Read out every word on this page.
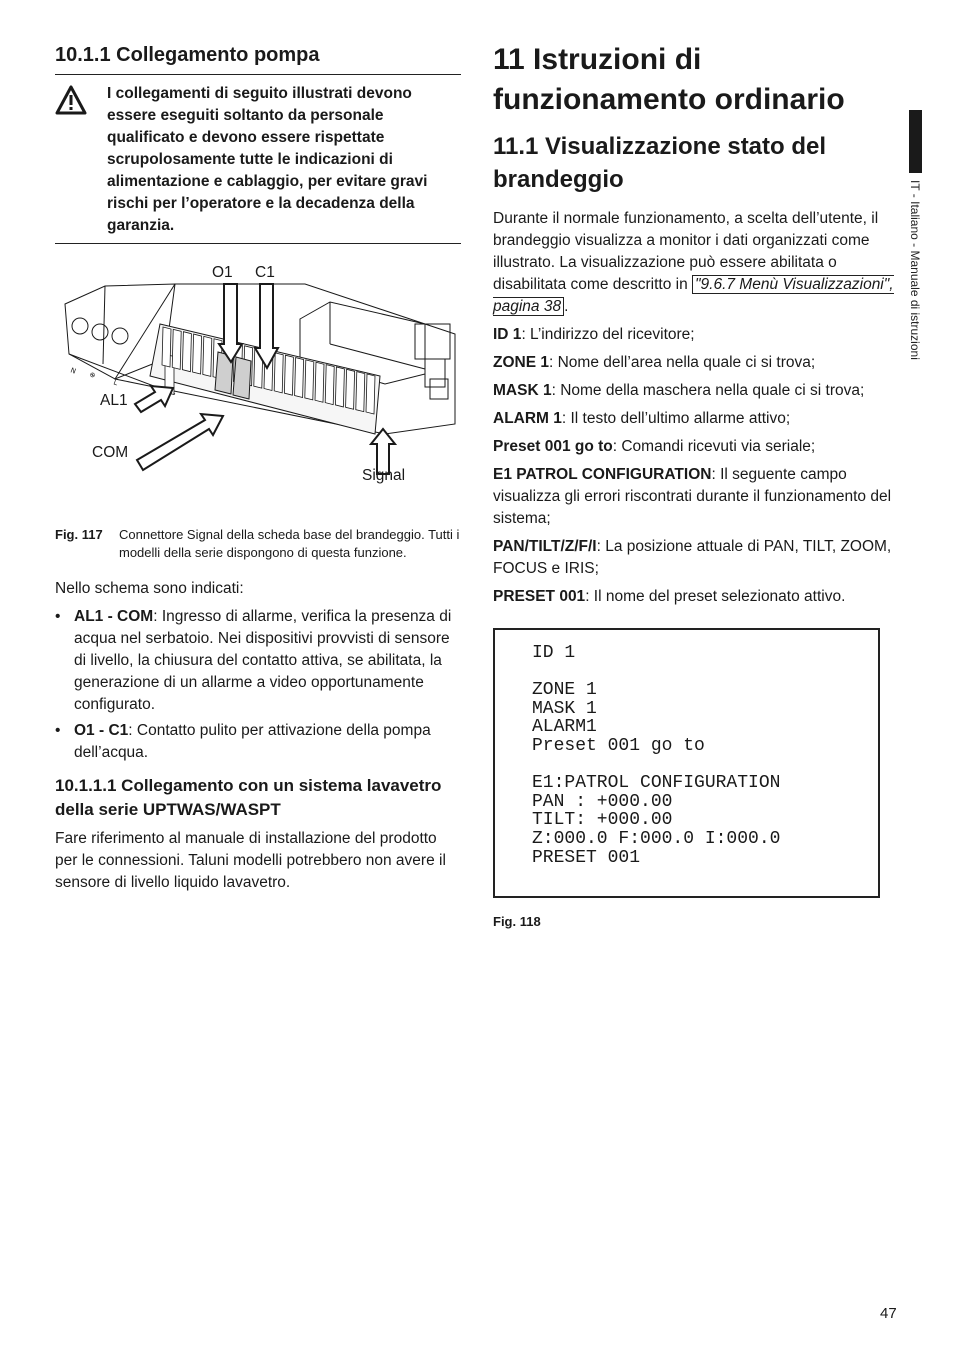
10.1.1 Collegamento pompa
I collegamenti di seguito illustrati devono essere eseguiti soltanto da personale qualificato e devono essere rispettate scrupolosamente tutte le indicazioni di alimentazione e cablaggio, per evitare gravi rischi per l’operatore e la decadenza della garanzia.
N ⊕
L
O1 C1
AL1
COM
Signal
Fig. 117	Connettore Signal della scheda base del brandeggio. Tutti i modelli della serie dispongono di questa funzione.
Nello schema sono indicati:
• AL1 - COM: Ingresso di allarme, verifica la presenza di acqua nel serbatoio. Nei dispositivi provvisti di sensore di livello, la chiusura del contatto attiva, se abilitata, la generazione di un allarme a video opportunamente configurato.
• O1 - C1: Contatto pulito per attivazione della pompa dell’acqua.
10.1.1.1 Collegamento con un sistema lavavetro della serie UPTWAS/WASPT
Fare riferimento al manuale di installazione del prodotto per le connessioni. Taluni modelli potrebbero non avere il sensore di livello liquido lavavetro.
11 Istruzioni di funzionamento ordinario
11.1 Visualizzazione stato del brandeggio
Durante il normale funzionamento, a scelta dell’utente, il brandeggio visualizza a monitor i dati organizzati come illustrato. La visualizzazione può essere abilitata o disabilitata come descritto in "9.6.7 Menù Visualizzazioni", pagina 38 .
ID 1: L’indirizzo del ricevitore;
ZONE 1: Nome dell’area nella quale ci si trova;
MASK 1: Nome della maschera nella quale ci si trova;
ALARM 1: Il testo dell’ultimo allarme attivo;
Preset 001 go to: Comandi ricevuti via seriale;
E1 PATROL CONFIGURATION: Il seguente campo visualizza gli errori riscontrati durante il funzionamento del sistema;
PAN/TILT/Z/F/I: La posizione attuale di PAN, TILT, ZOOM, FOCUS e IRIS;
PRESET 001: Il nome del preset selezionato attivo.
ID 1
ZONE 1
MASK 1
ALARM1
Preset 001 go to
E1:PATROL CONFIGURATION
PAN : +000.00
TILT: +000.00
Z:000.0 F:000.0 I:000.0
PRESET 001
Fig. 118
IT - Italiano - Manuale di istruzioni
47
